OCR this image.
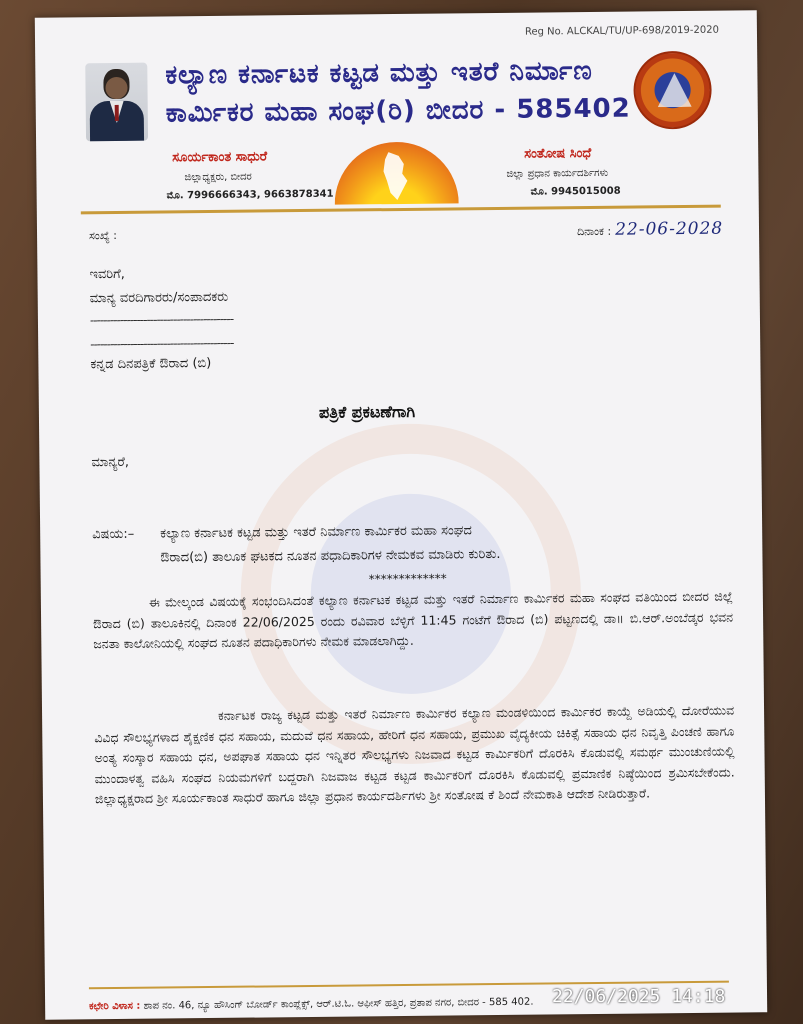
Reg No. ALCKAL/TU/UP-698/2019-2020
ಕಲ್ಯಾಣ ಕರ್ನಾಟಕ ಕಟ್ಟಡ ಮತ್ತು ಇತರೆ ನಿರ್ಮಾಣ
ಕಾರ್ಮಿಕರ ಮಹಾ ಸಂಘ(ರಿ) ಬೀದರ - 585402
ಸೂರ್ಯಕಾಂತ ಸಾಧುರೆ
ಜಿಲ್ಲಾಧ್ಯಕ್ಷರು, ಬೀದರ
ಮೊ. 7996666343, 9663878341
ಸಂತೋಷ ಸಿಂಧೆ
ಜಿಲ್ಲಾ ಪ್ರಧಾನ ಕಾರ್ಯದರ್ಶಿಗಳು
ಮೊ. 9945015008
ಸಂಖ್ಯೆ :	ದಿನಾಂಕ : 22-06-2028
ಇವರಿಗೆ,
ಮಾನ್ಯ ವರದಿಗಾರರು/ಸಂಪಾದಕರು
-------------------------------------------
-------------------------------------------
ಕನ್ನಡ ದಿನಪತ್ರಿಕೆ ಔರಾದ (ಬಿ)
ಪತ್ರಿಕೆ ಪ್ರಕಟಣೆಗಾಗಿ
ಮಾನ್ಯರೆ,
ವಿಷಯ:– ಕಲ್ಯಾಣ ಕರ್ನಾಟಕ ಕಟ್ಟಡ ಮತ್ತು ಇತರೆ ನಿರ್ಮಾಣ ಕಾರ್ಮಿಕರ ಮಹಾ ಸಂಘದ
ಔರಾದ(ಬಿ) ತಾಲೂಕ ಘಟಕದ ನೂತನ ಪಧಾದಿಕಾರಿಗಳ ನೇಮಕವ ಮಾಡಿರು ಕುರಿತು.
*************
ಈ ಮೇಲ್ಕಂಡ ವಿಷಯಕ್ಕೆ ಸಂಭಂದಿಸಿದಂತೆ ಕಲ್ಯಾಣ ಕರ್ನಾಟಕ ಕಟ್ಟಡ ಮತ್ತು ಇತರೆ ನಿರ್ಮಾಣ ಕಾರ್ಮಿಕರ ಮಹಾ ಸಂಘದ ವತಿಯಿಂದ ಬೀದರ ಜಿಲ್ಲೆ ಔರಾದ (ಬಿ) ತಾಲೂಕಿನಲ್ಲಿ ದಿನಾಂಕ 22/06/2025 ರಂದು ರವಿವಾರ ಬೆಳ್ಳಿಗೆ 11:45 ಗಂಟೆಗೆ ಔರಾದ (ಬಿ) ಪಟ್ಟಣದಲ್ಲಿ ಡಾ॥ ಬಿ.ಆರ್.ಅಂಬೆಡ್ಕರ ಭವನ ಜನತಾ ಕಾಲೋನಿಯಲ್ಲಿ ಸಂಘದ ನೂತನ ಪದಾಧಿಕಾರಿಗಳು ನೇಮಕ ಮಾಡಲಾಗಿದ್ದು.
ಕರ್ನಾಟಕ ರಾಜ್ಯ ಕಟ್ಟಡ ಮತ್ತು ಇತರೆ ನಿರ್ಮಾಣ ಕಾರ್ಮಿಕರ ಕಲ್ಯಾಣ ಮಂಡಳಿಯಿಂದ ಕಾರ್ಮಿಕರ ಕಾಯ್ದೆ ಅಡಿಯಲ್ಲಿ ದೋರೆಯುವ ವಿವಿಧ ಸೌಲಭ್ಯಗಳಾದ ಶೈಕ್ಷಣಿಕ ಧನ ಸಹಾಯ, ಮದುವೆ ಧನ ಸಹಾಯ, ಹೇರಿಗೆ ಧನ ಸಹಾಯ, ಪ್ರಮುಖ ವೈದ್ಯಕೀಯ ಚಿಕಿತ್ಸೆ ಸಹಾಯ ಧನ ನಿವೃತ್ತಿ ಪಿಂಚಣಿ ಹಾಗೂ ಅಂತ್ಯ ಸಂಸ್ಕಾರ ಸಹಾಯ ಧನ, ಅಪಘಾತ ಸಹಾಯ ಧನ ಇನ್ನಿತರ ಸೌಲಭ್ಯಗಳು ನಿಜವಾದ ಕಟ್ಟಡ ಕಾರ್ಮಿಕರಿಗೆ ದೊರಕಿಸಿ ಕೊಡುವಲ್ಲಿ ಸಮರ್ಥ ಮುಂಚುಣಿಯಲ್ಲಿ ಮುಂದಾಳತ್ವ ವಹಿಸಿ ಸಂಘದ ನಿಯಮಗಳಿಗೆ ಬದ್ದರಾಗಿ ನಿಜವಾಜ ಕಟ್ಟಡ ಕಟ್ಟಡ ಕಾರ್ಮಿಕರಿಗೆ ದೊರಕಿಸಿ ಕೊಡುವಲ್ಲಿ ಪ್ರಮಾಣಿಕ ನಿಷ್ಠೆಯಿಂದ ಶ್ರಮಿಸಬೇಕೆಂದು. ಜಿಲ್ಲಾಧ್ಯಕ್ಷರಾದ ಶ್ರೀ ಸೂರ್ಯಕಾಂತ ಸಾಧುರೆ ಹಾಗೂ ಜಿಲ್ಲಾ ಪ್ರಧಾನ ಕಾರ್ಯದರ್ಶಿಗಳು ಶ್ರೀ ಸಂತೋಷ ಕೆ ಶಿಂದೆ ನೇಮಕಾತಿ ಆದೇಶ ನೀಡಿರುತ್ತಾರೆ.
ಕಛೇರಿ ವಿಳಾಸ : ಶಾಪ ನಂ. 46, ನ್ಯೂ ಹೌಸಿಂಗ್ ಬೋರ್ಡ್ ಕಾಂಪ್ಲೆಕ್ಸ್, ಆರ್.ಟಿ.ಓ. ಆಫೀಸ್ ಹತ್ತಿರ, ಪ್ರತಾಪ ನಗರ, ಬೀದರ - 585 402. 22/06/2025 14:18
